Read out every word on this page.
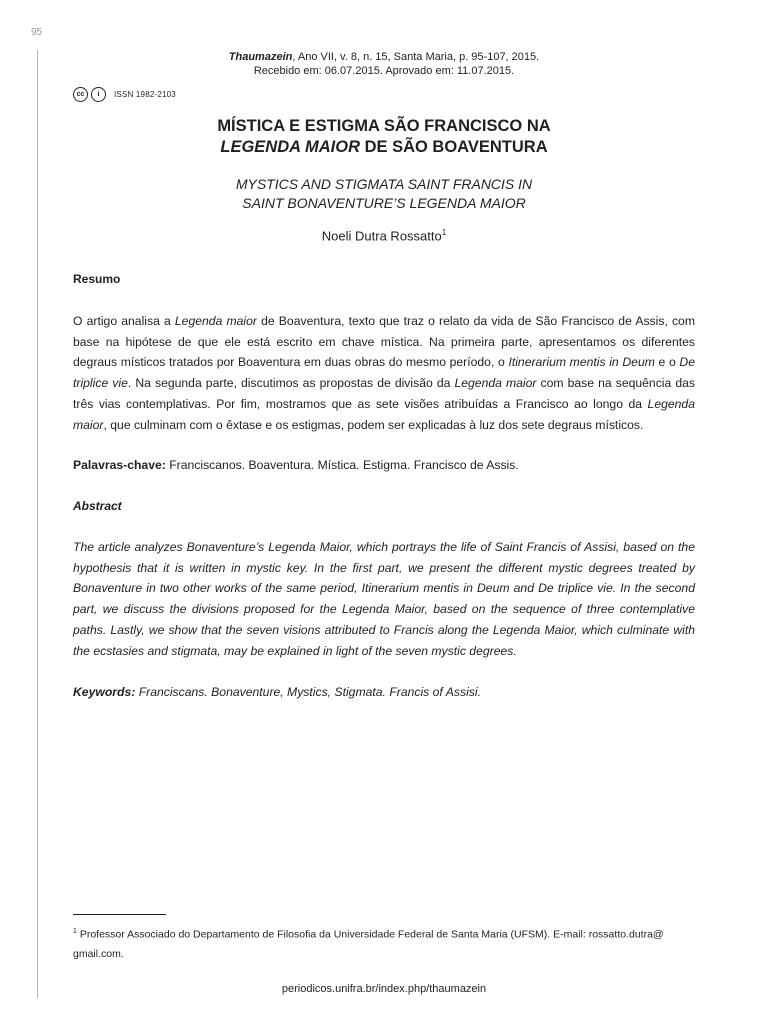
95
Thaumazein, Ano VII, v. 8, n. 15, Santa Maria, p. 95-107, 2015.
Recebido em: 06.07.2015. Aprovado em: 11.07.2015.
cc	i	ISSN 1982-2103
MÍSTICA E ESTIGMA SÃO FRANCISCO NA
LEGENDA MAIOR DE SÃO BOAVENTURA
MYSTICS AND STIGMATA SAINT FRANCIS IN
SAINT BONAVENTURE’S LEGENDA MAIOR
Noeli Dutra Rossatto$^1$
Resumo
O artigo analisa a Legenda maior de Boaventura, texto que traz o relato da vida de São Francisco de Assis, com base na hipótese de que ele está escrito em chave mística. Na primeira parte, apresentamos os diferentes degraus místicos tratados por Boaventura em duas obras do mesmo período, o Itinerarium mentis in Deum e o De triplice vie. Na segunda parte, discutimos as propostas de divisão da Legenda maior com base na sequência das três vias contemplativas. Por fim, mostramos que as sete visões atribuídas a Francisco ao longo da Legenda maior, que culminam com o êxtase e os estigmas, podem ser explicadas à luz dos sete degraus místicos.
Palavras-chave: Franciscanos. Boaventura. Mística. Estigma. Francisco de Assis.
Abstract
The article analyzes Bonaventure’s Legenda Maior, which portrays the life of Saint Francis of Assisi, based on the hypothesis that it is written in mystic key. In the first part, we present the different mystic degrees treated by Bonaventure in two other works of the same period, Itinerarium mentis in Deum and De triplice vie. In the second part, we discuss the divisions proposed for the Legenda Maior, based on the sequence of three contemplative paths. Lastly, we show that the seven visions attributed to Francis along the Legenda Maior, which culminate with the ecstasies and stigmata, may be explained in light of the seven mystic degrees.
Keywords: Franciscans. Bonaventure, Mystics, Stigmata. Francis of Assisi.
$^1$ Professor Associado do Departamento de Filosofia da Universidade Federal de Santa Maria (UFSM). E-mail: rossatto.dutra@ gmail.com.
periodicos.unifra.br/index.php/thaumazein
